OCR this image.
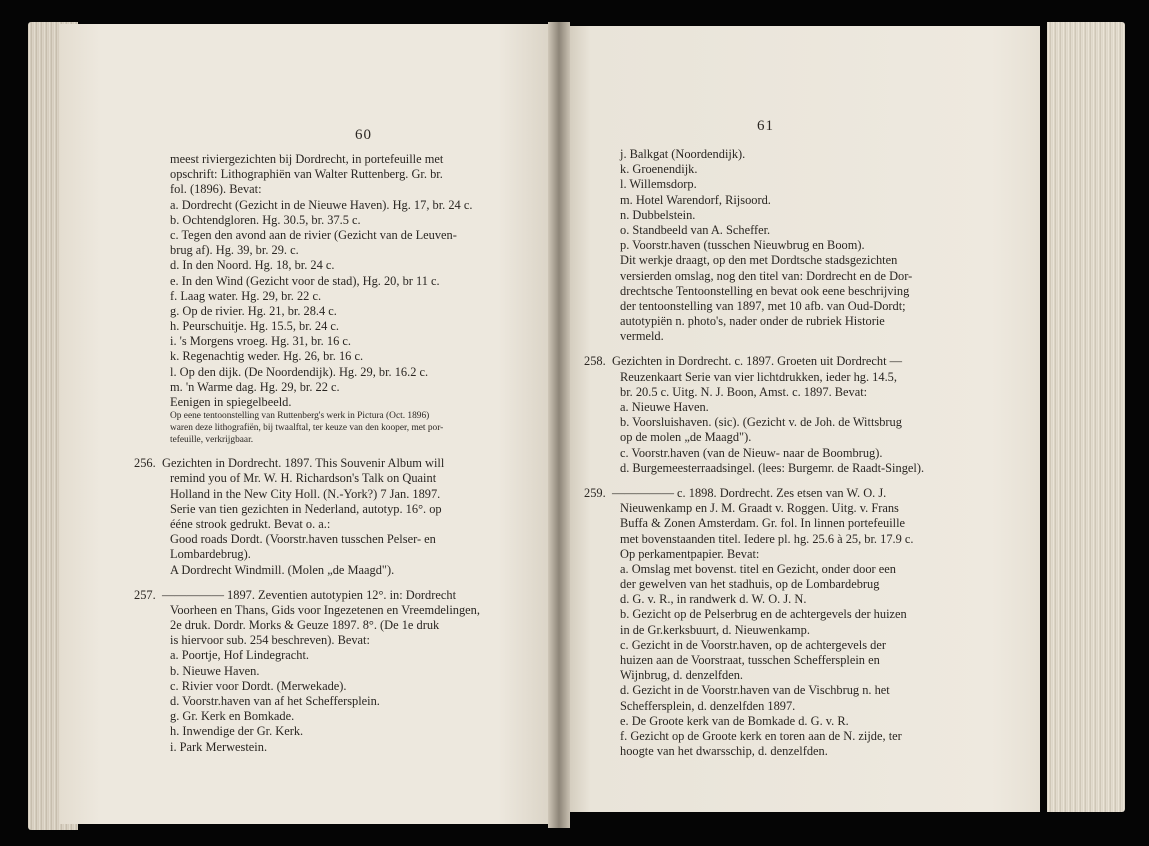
60
61
meest riviergezichten bij Dordrecht, in portefeuille met
opschrift: Lithographiën van Walter Ruttenberg. Gr. br.
fol. (1896). Bevat:
a. Dordrecht (Gezicht in de Nieuwe Haven). Hg. 17, br. 24 c.
b. Ochtendgloren. Hg. 30.5, br. 37.5 c.
c. Tegen den avond aan de rivier (Gezicht van de Leuven-
brug af). Hg. 39, br. 29. c.
d. In den Noord. Hg. 18, br. 24 c.
e. In den Wind (Gezicht voor de stad), Hg. 20, br 11 c.
f. Laag water. Hg. 29, br. 22 c.
g. Op de rivier. Hg. 21, br. 28.4 c.
h. Peurschuitje. Hg. 15.5, br. 24 c.
i. 's Morgens vroeg. Hg. 31, br. 16 c.
k. Regenachtig weder. Hg. 26, br. 16 c.
l. Op den dijk. (De Noordendijk). Hg. 29, br. 16.2 c.
m. 'n Warme dag. Hg. 29, br. 22 c.
Eenigen in spiegelbeeld.
Op eene tentoonstelling van Ruttenberg's werk in Pictura (Oct. 1896)
waren deze lithografiën, bij twaalftal, ter keuze van den kooper, met por-
tefeuille, verkrijgbaar.
256. Gezichten in Dordrecht. 1897. This Souvenir Album will
remind you of Mr. W. H. Richardson's Talk on Quaint
Holland in the New City Holl. (N.-York?) 7 Jan. 1897.
Serie van tien gezichten in Nederland, autotyp. 16°. op
ééne strook gedrukt. Bevat o. a.:
Good roads Dordt. (Voorstr.haven tusschen Pelser- en
Lombardebrug).
A Dordrecht Windmill. (Molen „de Maagd").
257. ————— 1897. Zeventien autotypien 12°. in: Dordrecht
Voorheen en Thans, Gids voor Ingezetenen en Vreemdelingen,
2e druk. Dordr. Morks & Geuze 1897. 8°. (De 1e druk
is hiervoor sub. 254 beschreven). Bevat:
a. Poortje, Hof Lindegracht.
b. Nieuwe Haven.
c. Rivier voor Dordt. (Merwekade).
d. Voorstr.haven van af het Scheffersplein.
g. Gr. Kerk en Bomkade.
h. Inwendige der Gr. Kerk.
i. Park Merwestein.
j. Balkgat (Noordendijk).
k. Groenendijk.
l. Willemsdorp.
m. Hotel Warendorf, Rijsoord.
n. Dubbelstein.
o. Standbeeld van A. Scheffer.
p. Voorstr.haven (tusschen Nieuwbrug en Boom).
Dit werkje draagt, op den met Dordtsche stadsgezichten
versierden omslag, nog den titel van: Dordrecht en de Dor-
drechtsche Tentoonstelling en bevat ook eene beschrijving
der tentoonstelling van 1897, met 10 afb. van Oud-Dordt;
autotypiën n. photo's, nader onder de rubriek Historie
vermeld.
258. Gezichten in Dordrecht. c. 1897. Groeten uit Dordrecht —
Reuzenkaart Serie van vier lichtdrukken, ieder hg. 14.5,
br. 20.5 c. Uitg. N. J. Boon, Amst. c. 1897. Bevat:
a. Nieuwe Haven.
b. Voorsluishaven. (sic). (Gezicht v. de Joh. de Wittsbrug
op de molen „de Maagd").
c. Voorstr.haven (van de Nieuw- naar de Boombrug).
d. Burgemeesterraadsingel. (lees: Burgemr. de Raadt-Singel).
259. ————— c. 1898. Dordrecht. Zes etsen van W. O. J.
Nieuwenkamp en J. M. Graadt v. Roggen. Uitg. v. Frans
Buffa & Zonen Amsterdam. Gr. fol. In linnen portefeuille
met bovenstaanden titel. Iedere pl. hg. 25.6 à 25, br. 17.9 c.
Op perkamentpapier. Bevat:
a. Omslag met bovenst. titel en Gezicht, onder door een
der gewelven van het stadhuis, op de Lombardebrug
d. G. v. R., in randwerk d. W. O. J. N.
b. Gezicht op de Pelserbrug en de achtergevels der huizen
in de Gr.kerksbuurt, d. Nieuwenkamp.
c. Gezicht in de Voorstr.haven, op de achtergevels der
huizen aan de Voorstraat, tusschen Scheffersplein en
Wijnbrug, d. denzelfden.
d. Gezicht in de Voorstr.haven van de Vischbrug n. het
Scheffersplein, d. denzelfden 1897.
e. De Groote kerk van de Bomkade d. G. v. R.
f. Gezicht op de Groote kerk en toren aan de N. zijde, ter
hoogte van het dwarsschip, d. denzelfden.
